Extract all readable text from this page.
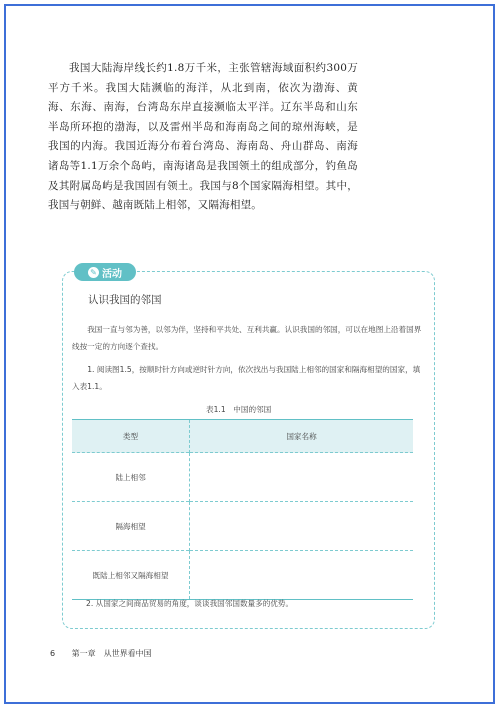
我国大陆海岸线长约1.8万千米，主张管辖海域面积约300万平方千米。我国大陆濒临的海洋，从北到南，依次为渤海、黄海、东海、南海，台湾岛东岸直接濒临太平洋。辽东半岛和山东半岛所环抱的渤海，以及雷州半岛和海南岛之间的琼州海峡，是我国的内海。我国近海分布着台湾岛、海南岛、舟山群岛、南海诸岛等1.1万余个岛屿，南海诸岛是我国领土的组成部分，钓鱼岛及其附属岛屿是我国固有领土。我国与8个国家隔海相望。其中，我国与朝鲜、越南既陆上相邻，又隔海相望。

✎ 活动
认识我国的邻国

我国一直与邻为善，以邻为伴，坚持和平共处、互利共赢。认识我国的邻国，可以在地图上沿着国界线按一定的方向逐个查找。

1. 阅读图1.5，按顺时针方向或逆时针方向，依次找出与我国陆上相邻的国家和隔海相望的国家，填入表1.1。

表1.1　中国的邻国
类型	国家名称
陆上相邻	
隔海相望	
既陆上相邻又隔海相望	
2. 从国家之间商品贸易的角度，谈谈我国邻国数量多的优势。
6 第一章　从世界看中国
